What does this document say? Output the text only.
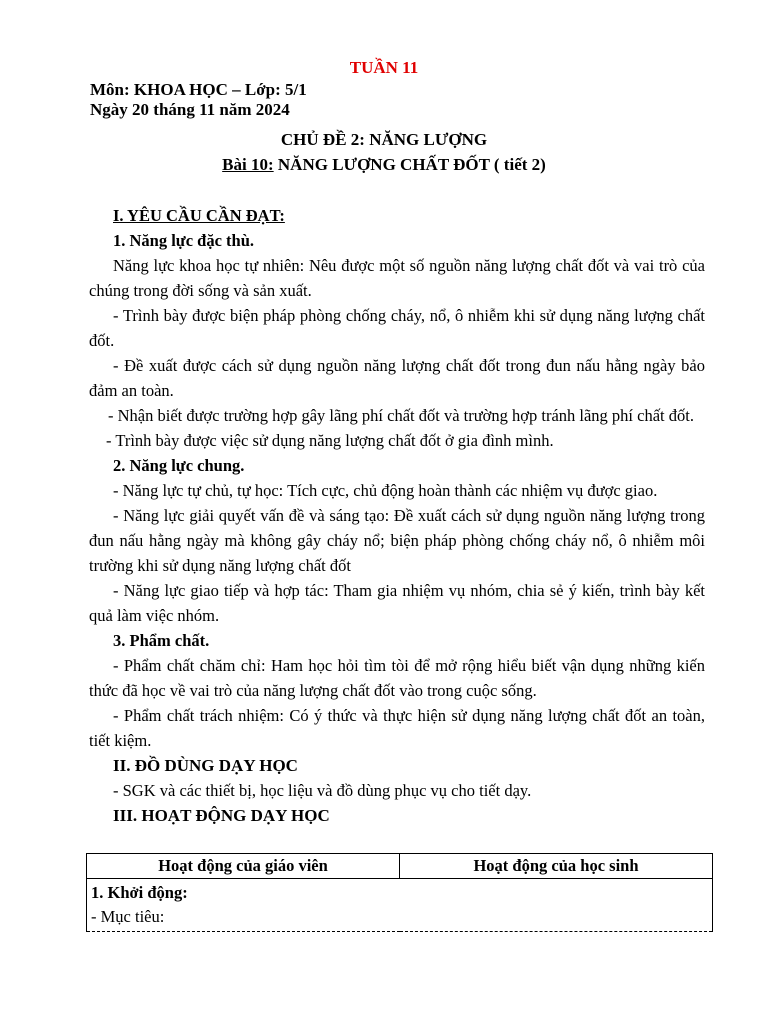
TUẦN 11
Môn: KHOA HỌC – Lớp: 5/1
Ngày 20 tháng 11 năm 2024
CHỦ ĐỀ 2: NĂNG LƯỢNG
Bài 10: NĂNG LƯỢNG CHẤT ĐỐT ( tiết 2)

I. YÊU CẦU CẦN ĐẠT:

1. Năng lực đặc thù.

Năng lực khoa học tự nhiên: Nêu được một số nguồn năng lượng chất đốt và vai trò của chúng trong đời sống và sản xuất.

- Trình bày được biện pháp phòng chống cháy, nổ, ô nhiễm khi sử dụng năng lượng chất đốt.

- Đề xuất được cách sử dụng nguồn năng lượng chất đốt trong đun nấu hằng ngày bảo đảm an toàn.

- Nhận biết được trường hợp gây lãng phí chất đốt và trường hợp tránh lãng phí chất đốt.

- Trình bày được việc sử dụng năng lượng chất đốt ở gia đình mình.

2. Năng lực chung.

- Năng lực tự chủ, tự học: Tích cực, chủ động hoàn thành các nhiệm vụ được giao.

- Năng lực giải quyết vấn đề và sáng tạo: Đề xuất cách sử dụng nguồn năng lượng trong đun nấu hằng ngày mà không gây cháy nổ; biện pháp phòng chống cháy nổ, ô nhiễm môi trường khi sử dụng năng lượng chất đốt

- Năng lực giao tiếp và hợp tác: Tham gia nhiệm vụ nhóm, chia sẻ ý kiến, trình bày kết quả làm việc nhóm.

3. Phẩm chất.

- Phẩm chất chăm chỉ: Ham học hỏi tìm tòi để mở rộng hiểu biết vận dụng những kiến thức đã học về vai trò của năng lượng chất đốt vào trong cuộc sống.

- Phẩm chất trách nhiệm: Có ý thức và thực hiện sử dụng năng lượng chất đốt an toàn, tiết kiệm.

II. ĐỒ DÙNG DẠY HỌC

- SGK và các thiết bị, học liệu và đồ dùng phục vụ cho tiết dạy.

III. HOẠT ĐỘNG DẠY HỌC

Hoạt động của giáo viên	Hoạt động của học sinh

1. Khởi động:
- Mục tiêu:
